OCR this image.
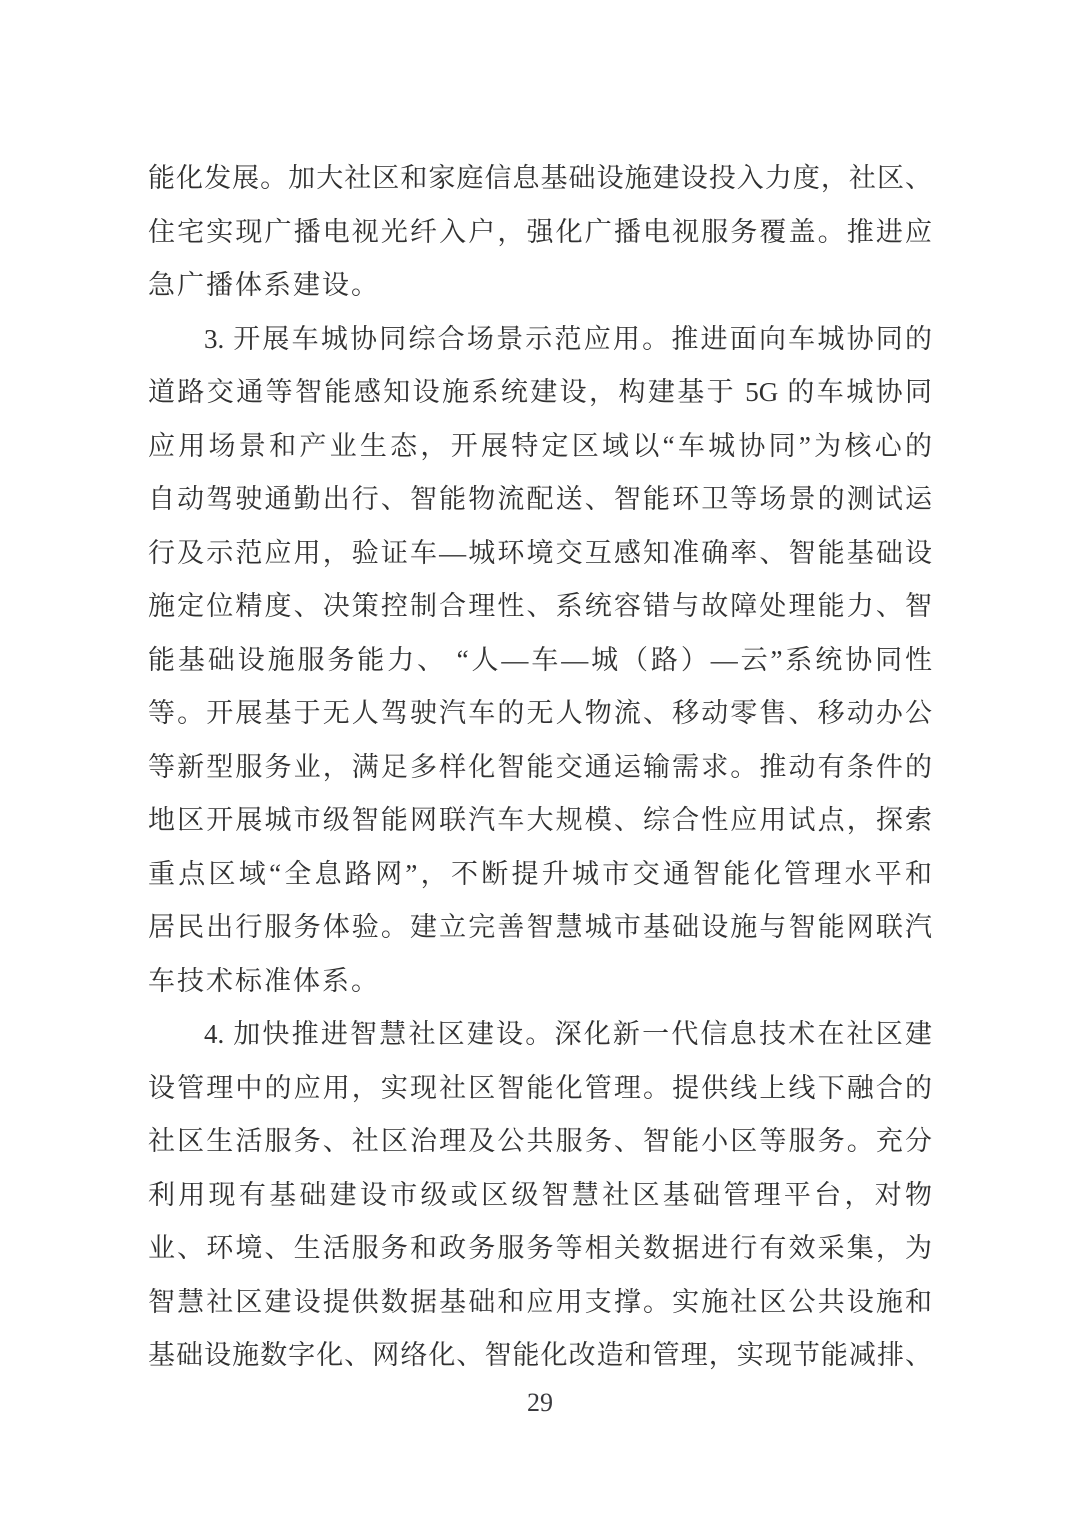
能化发展。加大社区和家庭信息基础设施建设投入力度，社区、
住宅实现广播电视光纤入户，强化广播电视服务覆盖。推进应
急广播体系建设。
3. 开展车城协同综合场景示范应用。推进面向车城协同的
道路交通等智能感知设施系统建设，构建基于 5G 的车城协同
应用场景和产业生态，开展特定区域以“车城协同”为核心的
自动驾驶通勤出行、智能物流配送、智能环卫等场景的测试运
行及示范应用，验证车—城环境交互感知准确率、智能基础设
施定位精度、决策控制合理性、系统容错与故障处理能力、智
能基础设施服务能力、 “人—车—城（路）—云”系统协同性
等。开展基于无人驾驶汽车的无人物流、移动零售、移动办公
等新型服务业，满足多样化智能交通运输需求。推动有条件的
地区开展城市级智能网联汽车大规模、综合性应用试点，探索
重点区域“全息路网”，不断提升城市交通智能化管理水平和
居民出行服务体验。建立完善智慧城市基础设施与智能网联汽
车技术标准体系。
4. 加快推进智慧社区建设。深化新一代信息技术在社区建
设管理中的应用，实现社区智能化管理。提供线上线下融合的
社区生活服务、社区治理及公共服务、智能小区等服务。充分
利用现有基础建设市级或区级智慧社区基础管理平台，对物
业、环境、生活服务和政务服务等相关数据进行有效采集，为
智慧社区建设提供数据基础和应用支撑。实施社区公共设施和
基础设施数字化、网络化、智能化改造和管理，实现节能减排、
29
